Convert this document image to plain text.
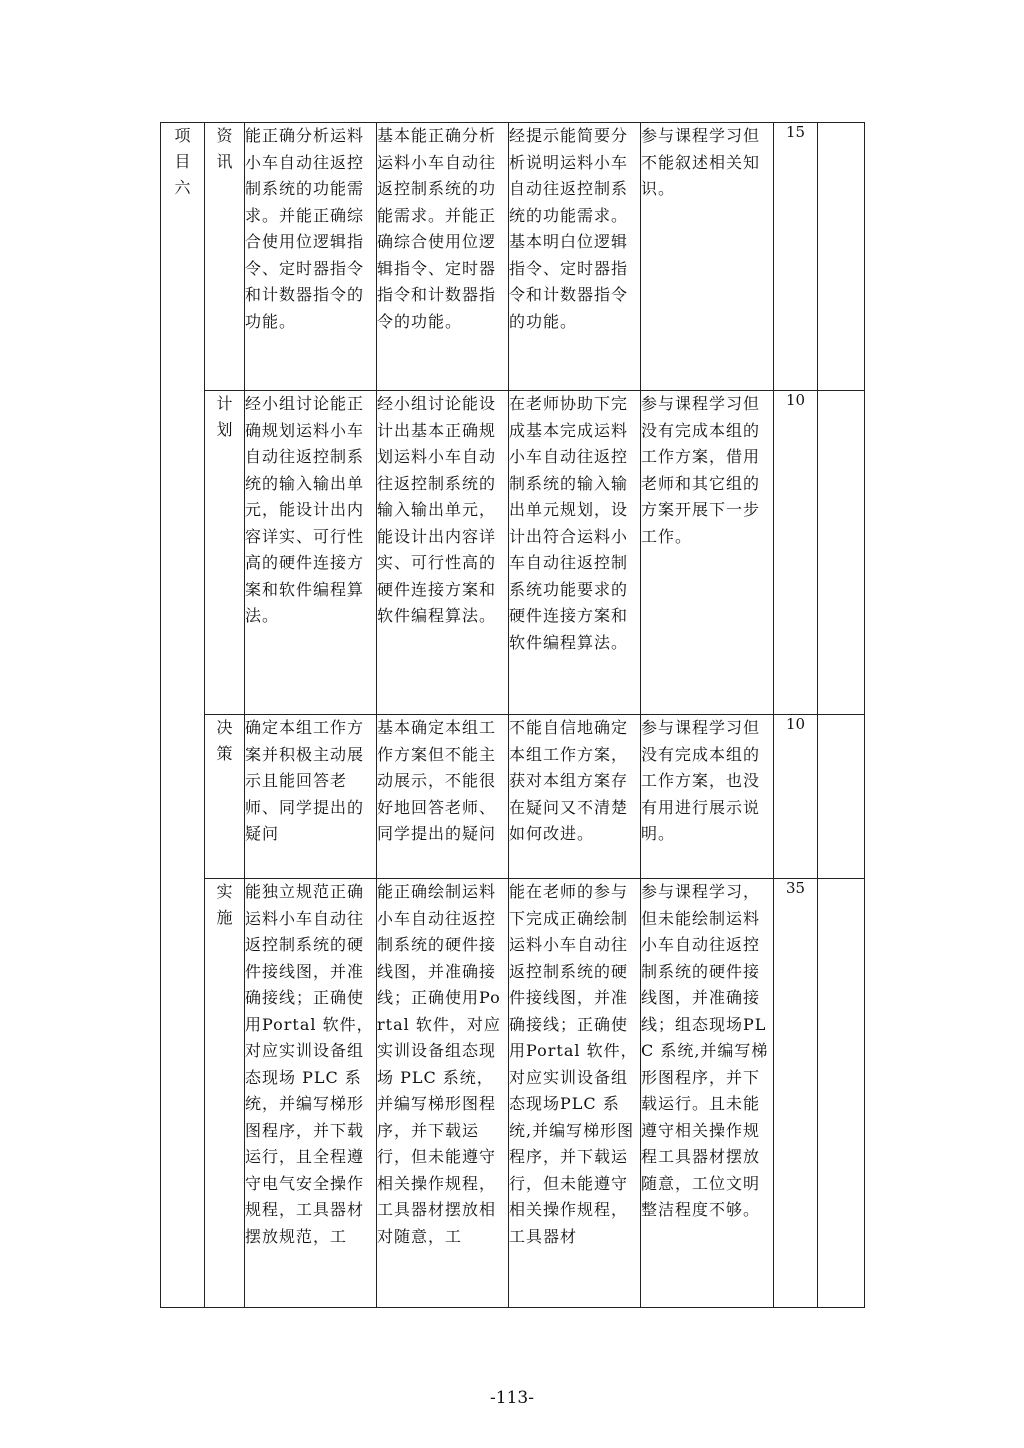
项目六	资讯	能正确分析运料小车自动往返控制系统的功能需求。并能正确综合使用位逻辑指令、定时器指令和计数器指令的功能。	基本能正确分析运料小车自动往返控制系统的功能需求。并能正确综合使用位逻辑指令、定时器指令和计数器指令的功能。	经提示能简要分析说明运料小车自动往返控制系统的功能需求。基本明白位逻辑指令、定时器指令和计数器指令的功能。	参与课程学习但不能叙述相关知识。	15	
	计划	经小组讨论能正确规划运料小车自动往返控制系统的输入输出单元，能设计出内容详实、可行性高的硬件连接方案和软件编程算法。	经小组讨论能设计出基本正确规划运料小车自动往返控制系统的输入输出单元，能设计出内容详实、可行性高的硬件连接方案和软件编程算法。	在老师协助下完成基本完成运料小车自动往返控制系统的输入输出单元规划，设计出符合运料小车自动往返控制系统功能要求的硬件连接方案和软件编程算法。	参与课程学习但没有完成本组的工作方案，借用老师和其它组的方案开展下一步工作。	10	
	决策	确定本组工作方案并积极主动展示且能回答老师、同学提出的疑问	基本确定本组工作方案但不能主动展示，不能很好地回答老师、同学提出的疑问	不能自信地确定本组工作方案，获对本组方案存在疑问又不清楚如何改进。	参与课程学习但没有完成本组的工作方案，也没有用进行展示说明。	10	
	实施	能独立规范正确运料小车自动往返控制系统的硬件接线图，并准确接线；正确使用Portal 软件，对应实训设备组态现场 PLC 系统，并编写梯形图程序，并下载运行，且全程遵守电气安全操作规程，工具器材摆放规范，工	能正确绘制运料小车自动往返控制系统的硬件接线图，并准确接线；正确使用Portal 软件，对应实训设备组态现场 PLC 系统，并编写梯形图程序，并下载运行，但未能遵守相关操作规程，工具器材摆放相对随意，工	能在老师的参与下完成正确绘制运料小车自动往返控制系统的硬件接线图，并准确接线；正确使用Portal 软件，对应实训设备组态现场PLC 系统,并编写梯形图程序，并下载运行，但未能遵守相关操作规程，工具器材	参与课程学习，但未能绘制运料小车自动往返控制系统的硬件接线图，并准确接线；组态现场PLC 系统,并编写梯形图程序，并下载运行。且未能遵守相关操作规程工具器材摆放随意，工位文明整洁程度不够。	35	
-113-
